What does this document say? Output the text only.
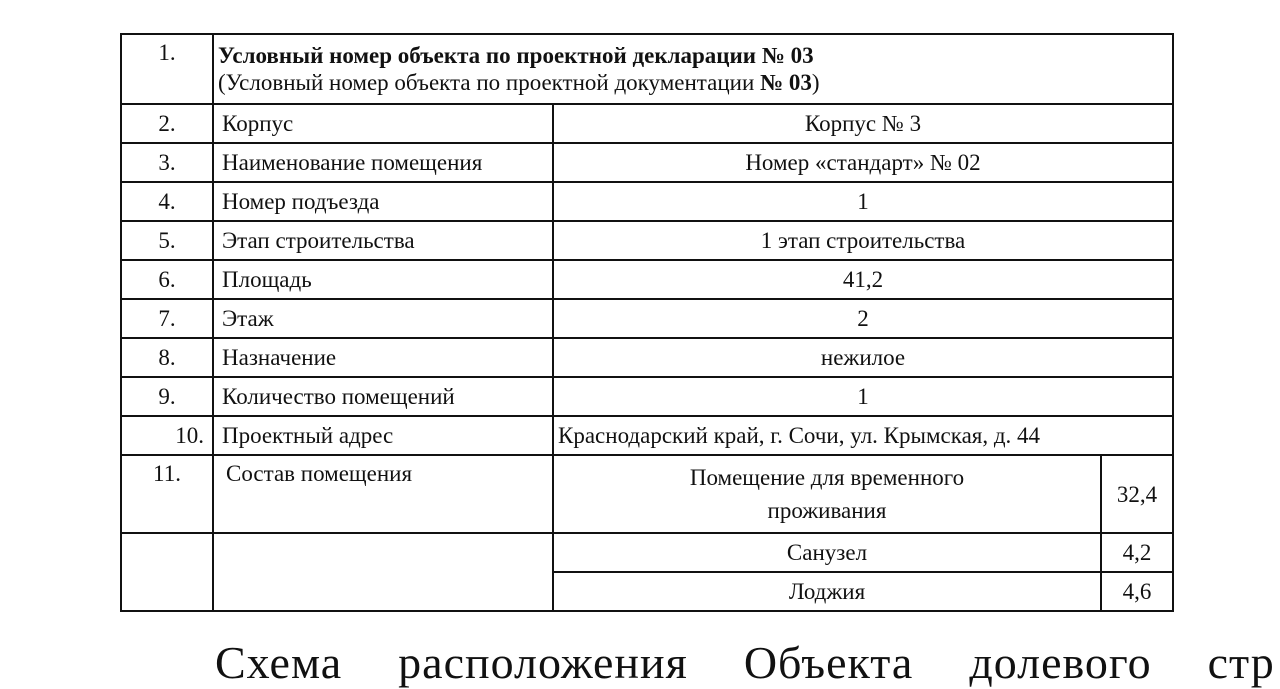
1.	Условный номер объекта по проектной декларации № 03
(Условный номер объекта по проектной документации № 03)		

2.	Корпус	Корпус № 3	
3.	Наименование помещения	Номер «стандарт» № 02	
4.	Номер подъезда	1	
5.	Этап строительства	1 этап строительства	
6.	Площадь	41,2	
7.	Этаж	2	
8.	Назначение	нежилое	
9.	Количество помещений	1	
10.	Проектный адрес	Краснодарский край, г. Сочи, ул. Крымская, д. 44	
11.	Состав помещения	Помещение для временного проживания	32,4
		Санузел	4,2
		Лоджия	4,6
Схема расположения Объекта долевого стр
